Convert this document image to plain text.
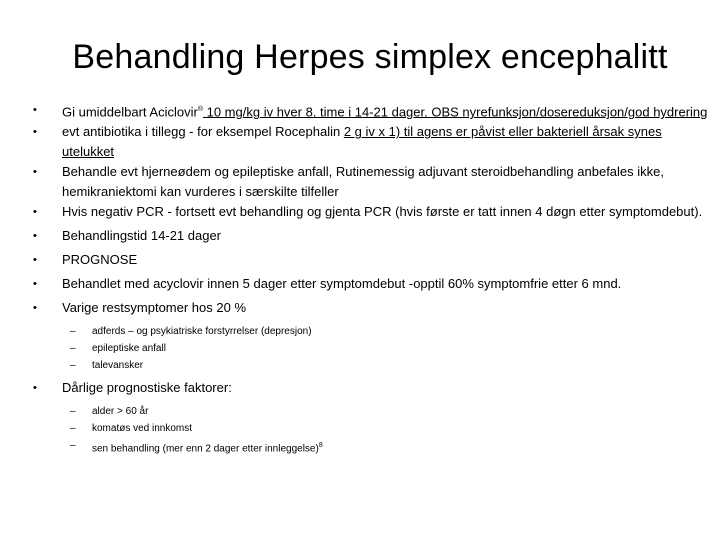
Behandling Herpes simplex encephalitt
• Gi umiddelbart Aciclovir® 10 mg/kg iv hver 8. time i 14-21 dager. OBS nyrefunksjon/dosereduksjon/god hydrering
• evt antibiotika i tillegg - for eksempel Rocephalin 2 g iv x 1) til agens er påvist eller bakteriell årsak synes utelukket
• Behandle evt hjerneødem og epileptiske anfall, Rutinemessig adjuvant steroidbehandling anbefales ikke, hemikraniektomi kan vurderes i særskilte tilfeller
• Hvis negativ PCR - fortsett evt behandling og gjenta PCR (hvis første er tatt innen 4 døgn etter symptomdebut).
• Behandlingstid 14-21 dager
• PROGNOSE
• Behandlet med acyclovir innen 5 dager etter symptomdebut -opptil 60% symptomfrie etter 6 mnd.
• Varige restsymptomer hos 20 %
– adferds – og psykiatriske forstyrrelser (depresjon)
– epileptiske anfall
– talevansker
• Dårlige prognostiske faktorer:
– alder > 60 år
– komatøs ved innkomst
– sen behandling (mer enn 2 dager etter innleggelse)$^8$
